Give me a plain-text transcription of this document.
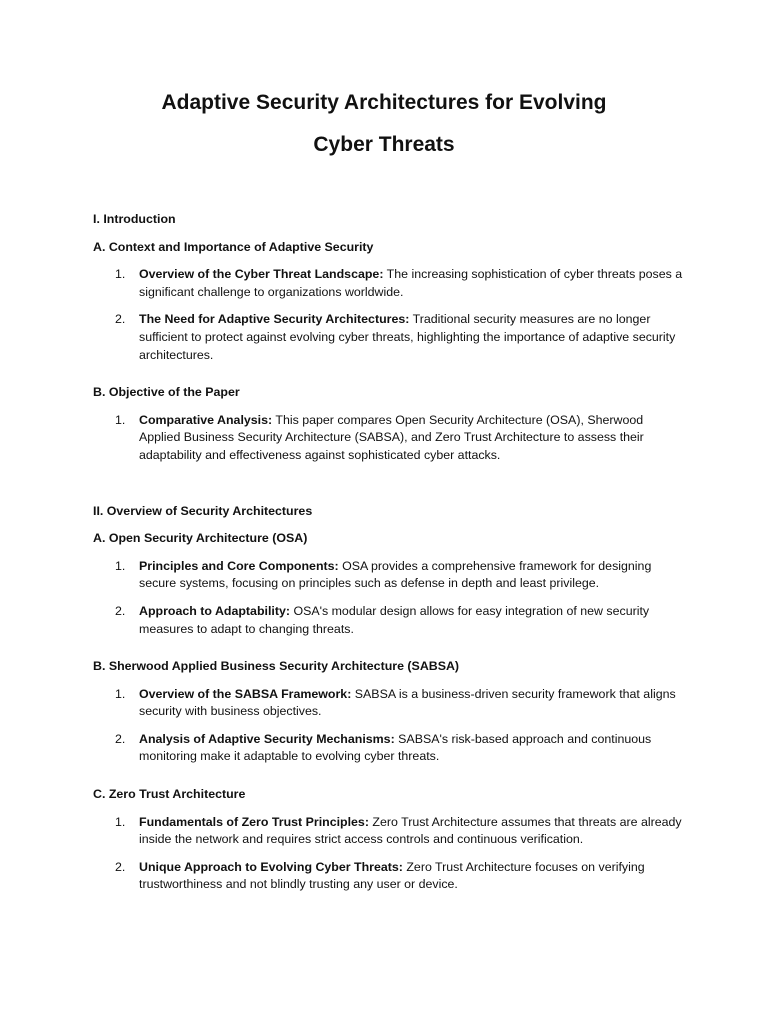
Adaptive Security Architectures for Evolving
Cyber Threats

I. Introduction

A. Context and Importance of Adaptive Security

1. Overview of the Cyber Threat Landscape: The increasing sophistication of cyber threats poses a significant challenge to organizations worldwide.
2. The Need for Adaptive Security Architectures: Traditional security measures are no longer sufficient to protect against evolving cyber threats, highlighting the importance of adaptive security architectures.

B. Objective of the Paper

1. Comparative Analysis: This paper compares Open Security Architecture (OSA), Sherwood Applied Business Security Architecture (SABSA), and Zero Trust Architecture to assess their adaptability and effectiveness against sophisticated cyber attacks.

II. Overview of Security Architectures

A. Open Security Architecture (OSA)

1. Principles and Core Components: OSA provides a comprehensive framework for designing secure systems, focusing on principles such as defense in depth and least privilege.
2. Approach to Adaptability: OSA's modular design allows for easy integration of new security measures to adapt to changing threats.

B. Sherwood Applied Business Security Architecture (SABSA)

1. Overview of the SABSA Framework: SABSA is a business-driven security framework that aligns security with business objectives.
2. Analysis of Adaptive Security Mechanisms: SABSA's risk-based approach and continuous monitoring make it adaptable to evolving cyber threats.

C. Zero Trust Architecture

1. Fundamentals of Zero Trust Principles: Zero Trust Architecture assumes that threats are already inside the network and requires strict access controls and continuous verification.
2. Unique Approach to Evolving Cyber Threats: Zero Trust Architecture focuses on verifying trustworthiness and not blindly trusting any user or device.
